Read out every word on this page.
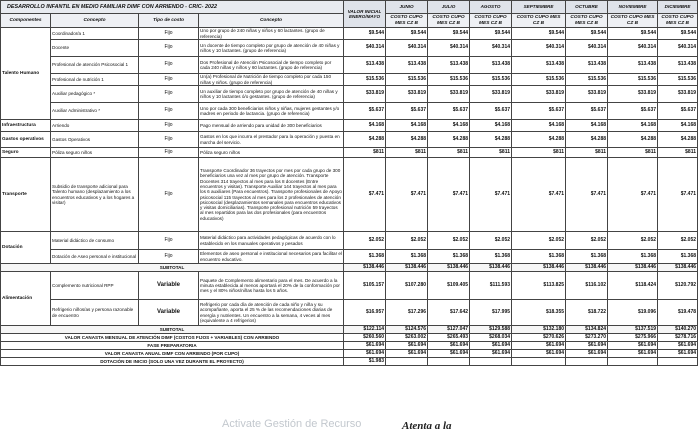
DESARROLLO INFANTIL EN MEDIO FAMILIAR DIMF CON ARRIENDO - CRIC- 2022				VALOR INICIAL ENERO/MAYO	JUNIO	JULIO	AGOSTO	SEPTIEMBRE	OCTUBRE	NOVIEMBRE	DICIEMBRE
Componentes	Concepto	Tipo de costo	Concepto		COSTO CUPO MES CZ B	COSTO CUPO MES CZ B	COSTO CUPO MES CZ B	COSTO CUPO MES CZ B	COSTO CUPO MES CZ B	COSTO CUPO MES CZ B	COSTO CUPO MES CZ B
Talento Humano	Coordinador/a 1	Fijo	Uno por grupo de 240 niñas y niños y 60 lactantes. (grupo de referencia)	$9.544	$9.544	$9.544	$9.544	$9.544	$9.544	$9.544	$9.544
	Docente	Fijo	Un docente de tiempo completo por grupo de atención de 40 niñas y niños y 10 lactantes. (grupo de referencia)	$40.314	$40.314	$40.314	$40.314	$40.314	$40.314	$40.314	$40.314
	Profesional de atención Psicosocial 1	Fijo	Dos Profesional de Atención Psicosocial de tiempo completo por cada 240 niñas y niños y 60 lactantes. (grupo de referencia)	$13.438	$13.438	$13.438	$13.438	$13.438	$13.438	$13.438	$13.438
	Profesional de nutrición 1	Fijo	Un(a) Profesional de Nutrición de tiempo completo por cada 150 niñas y niños. (grupo de referencia)	$15.536	$15.536	$15.536	$15.536	$15.536	$15.536	$15.536	$15.536
	Auxiliar pedagógico *	Fijo	Un auxiliar de tiempo completo por grupo de atención de 40 niñas y niños y 10 lactantes ó/o gestantes. (grupo de referencia)	$33.819	$33.819	$33.819	$33.819	$33.819	$33.819	$33.819	$33.819
	Auxiliar Administrativo *	Fijo	Uno por cada 300 beneficiarios niños y niñas, mujeres gestantes y/o madres en periodo de lactancia. (grupo de referencia)	$5.637	$5.637	$5.637	$5.637	$5.637	$5.637	$5.637	$5.637
Infraestructura	Arriendo	Fijo	Pago mensual de arriendo para unidad de 300 beneficiarios	$4.168	$4.168	$4.168	$4.168	$4.168	$4.168	$4.168	$4.168
Gastos operativos	Gastos Operativos	Fijo	Gastos en los que incurra el prestador para la operación y puesta en marcha del servicio.	$4.288	$4.288	$4.288	$4.288	$4.288	$4.288	$4.288	$4.288
Seguro	Póliza seguro niños	Fijo	Póliza seguro niños	$811	$811	$811	$811	$811	$811	$811	$811
Transporte	Subsidio de transporte adicional para Talento humano (desplazamiento a los encuentros educativos y a los hogares a visitar)	Fijo	Transporte Coordinador 36 trayectos por mes por cada grupo de 300 beneficiarios una vez al mes por grupo de atención. Transporte Docentes 314 trayectos al mes para los 8 docentes (Entre encuentros y visitas). Transporte Auxiliar 144 trayectos al mes para los 6 auxiliares (Para encuentros). Transporte profesionales de Apoyo psicosocial 115 trayectos al mes para los 2 profesionales de atención psicosocial (desplazamientos semanales para encuentros educativos y visitas domiciliarias). Transporte profesional nutrición 59 trayectos al mes repartidos para las dos profesionales (para encuentros educativos)	$7.471	$7.471	$7.471	$7.471	$7.471	$7.471	$7.471	$7.471
Dotación	Material didáctico de consumo	Fijo	Material didáctico para actividades pedagógicas de acuerdo con lo establecido en los manuales operativos y pesados	$2.052	$2.052	$2.052	$2.052	$2.052	$2.052	$2.052	$2.052
	Dotación de Aseo personal e institucional	Fijo	Elementos de aseo personal e institucional necesarios para facilitar el encuentro educativo.	$1.368	$1.368	$1.368	$1.368	$1.368	$1.368	$1.368	$1.368
SUBTOTAL				$138.446	$138.446	$138.446	$138.446	$138.446	$138.446	$138.446	$138.446
Alimentación	Complemento nutricional RPP	Variable	Paquete de Complemento alimentario para el mes. De acuerdo a la minuta establecida al menos aportará el 20% de la conformación por mes y el 80% niños/niñas hasta los 5 años.	$105.157	$107.280	$109.405	$111.593	$113.825	$116.102	$118.424	$120.792
	Refrigerio niños/as y persona razonable de encuentro	Variable	Refrigerio por cada día de atención de cada niño y niña y su acompañante, aporta el 25 % de las recomendaciones diarias de energía y nutrientes. Un encuentro a la semana, 4 veces al mes (equivalente a 4 refrigerios)	$16.957	$17.296	$17.642	$17.995	$18.355	$18.722	$19.096	$19.478
SUBTOTAL				$122.114	$124.576	$127.047	$129.588	$132.180	$134.824	$137.519	$140.270
VALOR CANASTA MENSUAL DE ATENCIÓN DIMF (COSTOS FIJOS + VARIABLES) CON ARRIENDO				$260.560	$263.002	$265.493	$268.034	$270.626	$273.270	$275.966	$278.716
FASE PREPARATORIA				$61.694	$61.694	$61.694	$61.694	$61.694	$61.694	$61.694	$61.694
VALOR CANASTA ANUAL DIMF CON ARRIENDO (POR CUPO)				$61.694	$61.694	$61.694	$61.694	$61.694	$61.694	$61.694	$61.694
DOTACIÓN DE INICIO (SOLO UNA VEZ DURANTE EL PROYECTO)				$1.983							
Activate Gestión de Recurso	Atenta a la
